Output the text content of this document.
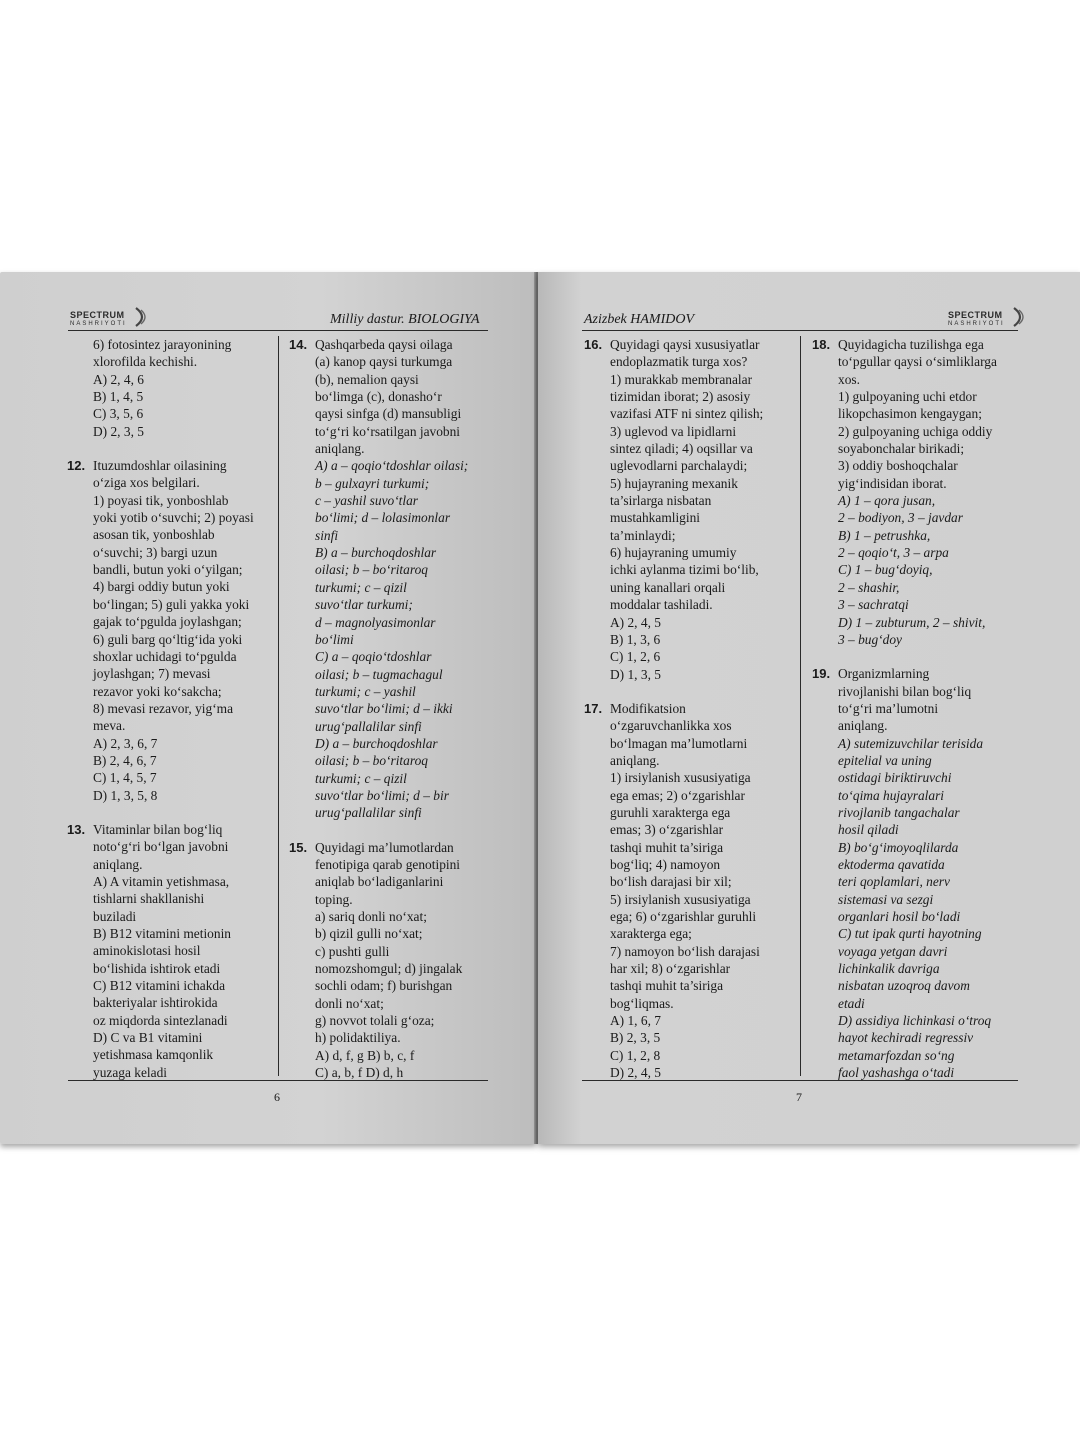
SPECTRUM
NASHRIYOTI	Milliy dastur. BIOLOGIYA

6) fotosintez jarayonining
xlorofilda kechishi.

A) 2, 4, 6

B) 1, 4, 5

C) 3, 5, 6

D) 2, 3, 5

12. Ituzumdoshlar oilasining
o‘ziga xos belgilari.
1) poyasi tik, yonboshlab
yoki yotib o‘suvchi; 2) poyasi
asosan tik, yonboshlab
o‘suvchi; 3) bargi uzun
bandli, butun yoki o‘yilgan;
4) bargi oddiy butun yoki
bo‘lingan; 5) guli yakka yoki
gajak to‘pgulda joylashgan;
6) guli barg qo‘ltig‘ida yoki
shoxlar uchidagi to‘pgulda
joylashgan; 7) mevasi
rezavor yoki ko‘sakcha;
8) mevasi rezavor, yig‘ma
meva.

A) 2, 3, 6, 7

B) 2, 4, 6, 7

C) 1, 4, 5, 7

D) 1, 3, 5, 8

13. Vitaminlar bilan bog‘liq
noto‘g‘ri bo‘lgan javobni
aniqlang.

A) A vitamin yetishmasa,
tishlarni shakllanishi
buziladi

B) B12 vitamini metionin
aminokislotasi hosil
bo‘lishida ishtirok etadi

C) B12 vitamini ichakda
bakteriyalar ishtirokida
oz miqdorda sintezlanadi

D) C va B1 vitamini
yetishmasa kamqonlik
yuzaga keladi

14. Qashqarbeda qaysi oilaga
(a) kanop qaysi turkumga
(b), nemalion qaysi
bo‘limga (c), donasho‘r
qaysi sinfga (d) mansubligi
to‘g‘ri ko‘rsatilgan javobni
aniqlang.

A) a – qoqio‘tdoshlar oilasi;
b – gulxayri turkumi;
c – yashil suvo‘tlar
bo‘limi; d – lolasimonlar
sinfi

B) a – burchoqdoshlar
oilasi; b – bo‘ritaroq
turkumi; c – qizil
suvo‘tlar turkumi;
d – magnolyasimonlar
bo‘limi

C) a – qoqio‘tdoshlar
oilasi; b – tugmachagul
turkumi; c – yashil
suvo‘tlar bo‘limi; d – ikki
urug‘pallalilar sinfi

D) a – burchoqdoshlar
oilasi; b – bo‘ritaroq
turkumi; c – qizil
suvo‘tlar bo‘limi; d – bir
urug‘pallalilar sinfi

15. Quyidagi ma’lumotlardan
fenotipiga qarab genotipini
aniqlab bo‘ladiganlarini
toping.
a) sariq donli no‘xat;
b) qizil gulli no‘xat;
c) pushti gulli
nomozshomgul; d) jingalak
sochli odam; f) burishgan
donli no‘xat;
g) novvot tolali g‘oza;
h) polidaktiliya.

A) d, f, g B) b, c, f

C) a, b, f D) d, h

6
Azizbek HAMIDOV	SPECTRUM
NASHRIYOTI
16. Quyidagi qaysi xususiyatlar
endoplazmatik turga xos?
1) murakkab membranalar
tizimidan iborat; 2) asosiy
vazifasi ATF ni sintez qilish;
3) uglevod va lipidlarni
sintez qiladi; 4) oqsillar va
uglevodlarni parchalaydi;
5) hujayraning mexanik
ta’sirlarga nisbatan
mustahkamligini
ta’minlaydi;
6) hujayraning umumiy
ichki aylanma tizimi bo‘lib,
uning kanallari orqali
moddalar tashiladi.

A) 2, 4, 5

B) 1, 3, 6

C) 1, 2, 6

D) 1, 3, 5

17. Modifikatsion
o‘zgaruvchanlikka xos
bo‘lmagan ma’lumotlarni
aniqlang.
1) irsiylanish xususiyatiga
ega emas; 2) o‘zgarishlar
guruhli xarakterga ega
emas; 3) o‘zgarishlar
tashqi muhit ta’siriga
bog‘liq; 4) namoyon
bo‘lish darajasi bir xil;
5) irsiylanish xususiyatiga
ega; 6) o‘zgarishlar guruhli
xarakterga ega;
7) namoyon bo‘lish darajasi
har xil; 8) o‘zgarishlar
tashqi muhit ta’siriga
bog‘liqmas.

A) 1, 6, 7

B) 2, 3, 5

C) 1, 2, 8

D) 2, 4, 5

18. Quyidagicha tuzilishga ega
to‘pgullar qaysi o‘simliklarga
xos.
1) gulpoyaning uchi etdor
likopchasimon kengaygan;
2) gulpoyaning uchiga oddiy
soyabonchalar birikadi;
3) oddiy boshoqchalar
yig‘indisidan iborat.

A) 1 – qora jusan,
2 – bodiyon, 3 – javdar

B) 1 – petrushka,
2 – qoqio‘t, 3 – arpa

C) 1 – bug‘doyiq,
2 – shashir,
3 – sachratqi

D) 1 – zubturum, 2 – shivit,
3 – bug‘doy

19. Organizmlarning
rivojlanishi bilan bog‘liq
to‘g‘ri ma’lumotni
aniqlang.

A) sutemizuvchilar terisida
epitelial va uning
ostidagi biriktiruvchi
to‘qima hujayralari
rivojlanib tangachalar
hosil qiladi

B) bo‘g‘imoyoqlilarda
ektoderma qavatida
teri qoplamlari, nerv
sistemasi va sezgi
organlari hosil bo‘ladi

C) tut ipak qurti hayotning
voyaga yetgan davri
lichinkalik davriga
nisbatan uzoqroq davom
etadi

D) assidiya lichinkasi o‘troq
hayot kechiradi regressiv
metamarfozdan so‘ng
faol yashashga o‘tadi

7
